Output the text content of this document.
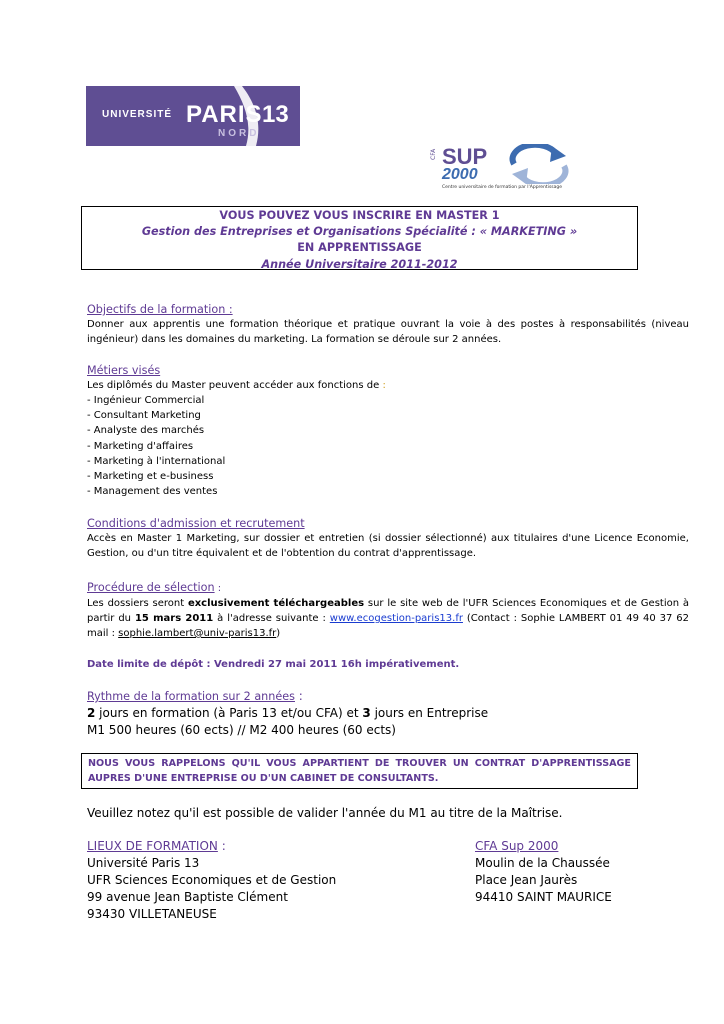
UNIVERSITÉ PARIS 13
NORD
CFA SUP
2000
Centre universitaire de formation par l'Apprentissage
VOUS POUVEZ VOUS INSCRIRE EN MASTER 1
Gestion des Entreprises et Organisations Spécialité : « MARKETING »
EN APPRENTISSAGE
Année Universitaire 2011-2012
Objectifs de la formation :
Donner aux apprentis une formation théorique et pratique ouvrant la voie à des postes à responsabilités (niveau ingénieur) dans les domaines du marketing. La formation se déroule sur 2 années.
Métiers visés
Les diplômés du Master peuvent accéder aux fonctions de :
- Ingénieur Commercial
- Consultant Marketing
- Analyste des marchés
- Marketing d'affaires
- Marketing à l'international
- Marketing et e-business
- Management des ventes
Conditions d'admission et recrutement
Accès en Master 1 Marketing, sur dossier et entretien (si dossier sélectionné) aux titulaires d'une Licence Economie, Gestion, ou d'un titre équivalent et de l'obtention du contrat d'apprentissage.
Procédure de sélection :
Les dossiers seront exclusivement téléchargeables sur le site web de l'UFR Sciences Economiques et de Gestion à partir du 15 mars 2011 à l'adresse suivante : www.ecogestion-paris13.fr (Contact : Sophie LAMBERT 01 49 40 37 62 mail : sophie.lambert@univ-paris13.fr)
Date limite de dépôt : Vendredi 27 mai 2011 16h impérativement.
Rythme de la formation sur 2 années :
2 jours en formation (à Paris 13 et/ou CFA) et 3 jours en Entreprise
M1 500 heures (60 ects) // M2 400 heures (60 ects)
NOUS VOUS RAPPELONS QU'IL VOUS APPARTIENT DE TROUVER UN CONTRAT D'APPRENTISSAGE AUPRES D'UNE ENTREPRISE OU D'UN CABINET DE CONSULTANTS.
Veuillez notez qu'il est possible de valider l'année du M1 au titre de la Maîtrise.
LIEUX DE FORMATION :
Université Paris 13
UFR Sciences Economiques et de Gestion
99 avenue Jean Baptiste Clément
93430 VILLETANEUSE
CFA Sup 2000
Moulin de la Chaussée
Place Jean Jaurès
94410 SAINT MAURICE
